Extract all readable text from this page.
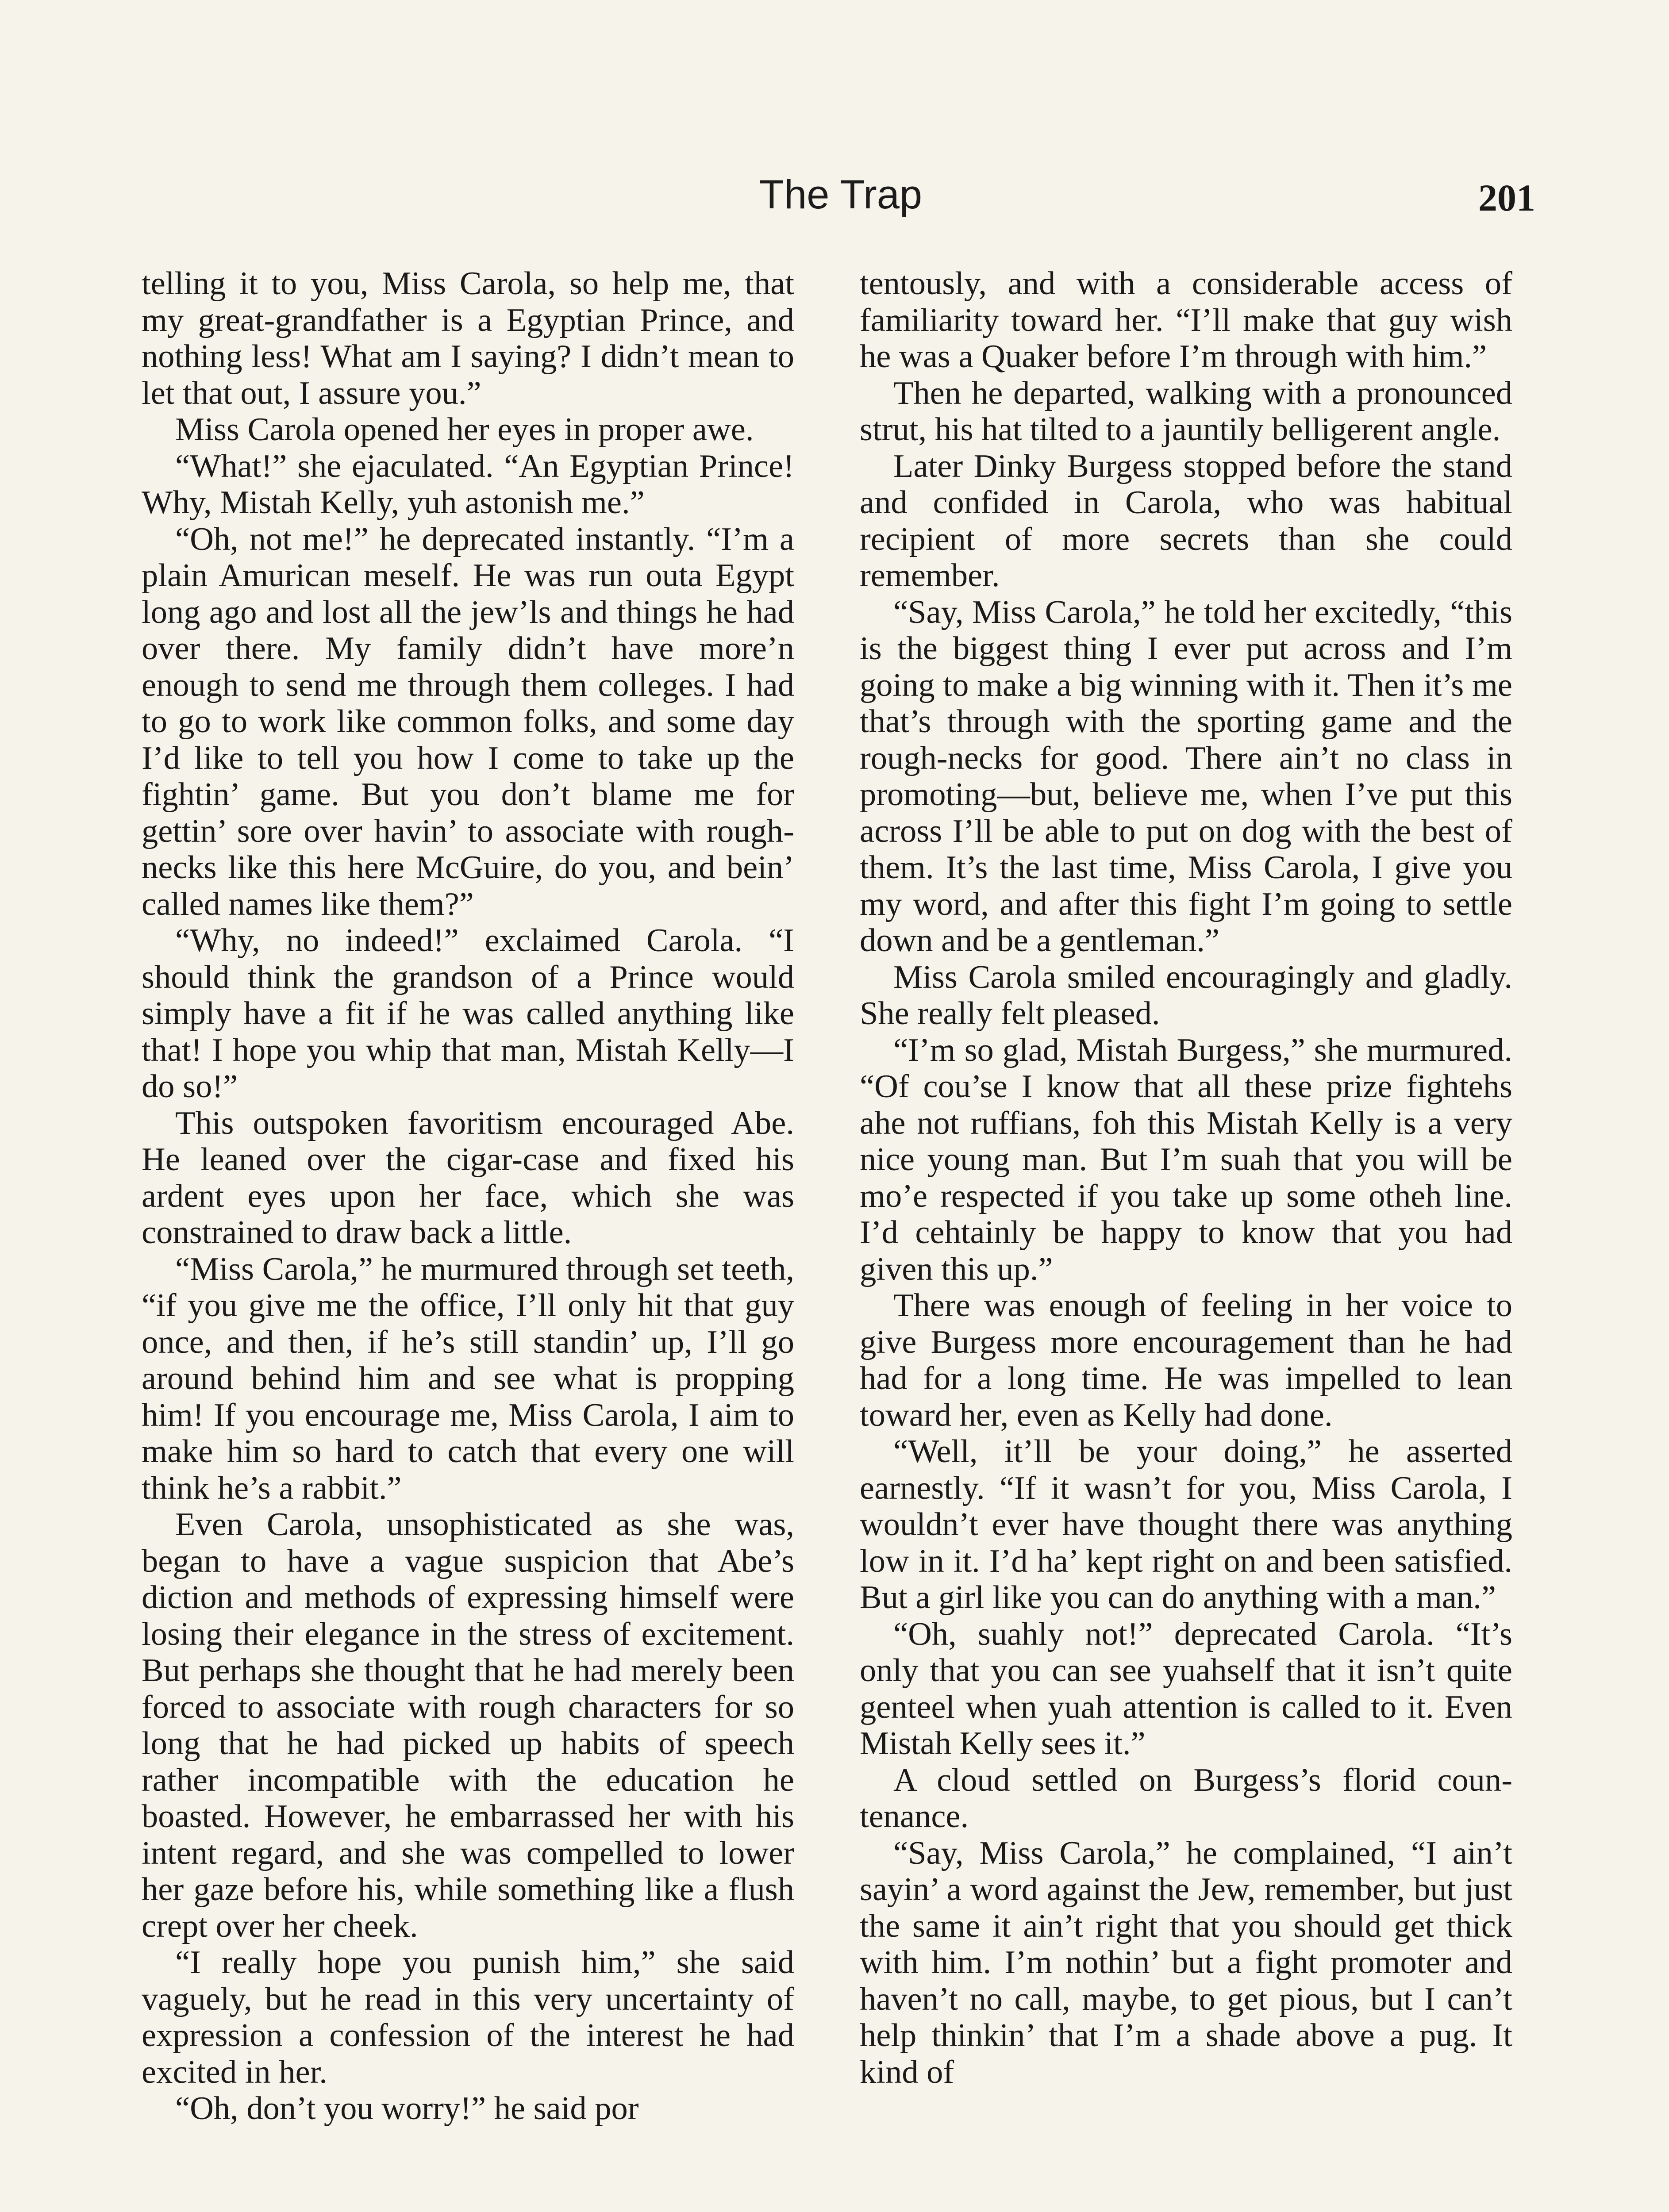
The Trap	201

telling it to you, Miss Carola, so help me, that my great-grandfather is a Egyptian Prince, and nothing less! What am I saying? I didn’t mean to let that out, I assure you.”

Miss Carola opened her eyes in proper awe.

“What!” she ejaculated. “An Egyptian Prince! Why, Mistah Kelly, yuh astonish me.”

“Oh, not me!” he deprecated instantly. “I’m a plain Amurican meself. He was run outa Egypt long ago and lost all the jew’ls and things he had over there. My family didn’t have more’n enough to send me through them colleges. I had to go to work like common folks, and some day I’d like to tell you how I come to take up the fightin’ game. But you don’t blame me for gettin’ sore over havin’ to associate with roughnecks like this here McGuire, do you, and bein’ called names like them?”

“Why, no indeed!” exclaimed Carola. “I should think the grandson of a Prince would simply have a fit if he was called anything like that! I hope you whip that man, Mistah Kelly—I do so!”

This outspoken favoritism encouraged Abe. He leaned over the cigar-case and fixed his ardent eyes upon her face, which she was constrained to draw back a little.

“Miss Carola,” he murmured through set teeth, “if you give me the office, I’ll only hit that guy once, and then, if he’s still standin’ up, I’ll go around behind him and see what is propping him! If you encourage me, Miss Carola, I aim to make him so hard to catch that every one will think he’s a rabbit.”

Even Carola, unsophisticated as she was, began to have a vague suspicion that Abe’s diction and methods of expressing himself were losing their elegance in the stress of excitement. But perhaps she thought that he had merely been forced to associate with rough characters for so long that he had picked up habits of speech rather incompatible with the education he boasted. However, he embarrassed her with his intent regard, and she was compelled to lower her gaze before his, while something like a flush crept over her cheek.

“I really hope you punish him,” she said vaguely, but he read in this very uncertainty of expression a confession of the interest he had excited in her.

“Oh, don’t you worry!” he said por

tentously, and with a considerable access of familiarity toward her. “I’ll make that guy wish he was a Quaker before I’m through with him.”

Then he departed, walking with a pronounced strut, his hat tilted to a jauntily belligerent angle.

Later Dinky Burgess stopped before the stand and confided in Carola, who was habitual recipient of more secrets than she could remember.

“Say, Miss Carola,” he told her excitedly, “this is the biggest thing I ever put across and I’m going to make a big winning with it. Then it’s me that’s through with the sporting game and the rough-necks for good. There ain’t no class in promoting—but, believe me, when I’ve put this across I’ll be able to put on dog with the best of them. It’s the last time, Miss Carola, I give you my word, and after this fight I’m going to settle down and be a gentleman.”

Miss Carola smiled encouragingly and gladly. She really felt pleased.

“I’m so glad, Mistah Burgess,” she murmured. “Of cou’se I know that all these prize fightehs ahe not ruffians, foh this Mistah Kelly is a very nice young man. But I’m suah that you will be mo’e respected if you take up some otheh line. I’d cehtainly be happy to know that you had given this up.”

There was enough of feeling in her voice to give Burgess more encouragement than he had had for a long time. He was impelled to lean toward her, even as Kelly had done.

“Well, it’ll be your doing,” he asserted earnestly. “If it wasn’t for you, Miss Carola, I wouldn’t ever have thought there was anything low in it. I’d ha’ kept right on and been satisfied. But a girl like you can do anything with a man.”

“Oh, suahly not!” deprecated Carola. “It’s only that you can see yuahself that it isn’t quite genteel when yuah attention is called to it. Even Mistah Kelly sees it.”

A cloud settled on Burgess’s florid countenance.

“Say, Miss Carola,” he complained, “I ain’t sayin’ a word against the Jew, remember, but just the same it ain’t right that you should get thick with him. I’m nothin’ but a fight promoter and haven’t no call, maybe, to get pious, but I can’t help thinkin’ that I’m a shade above a pug. It kind of
